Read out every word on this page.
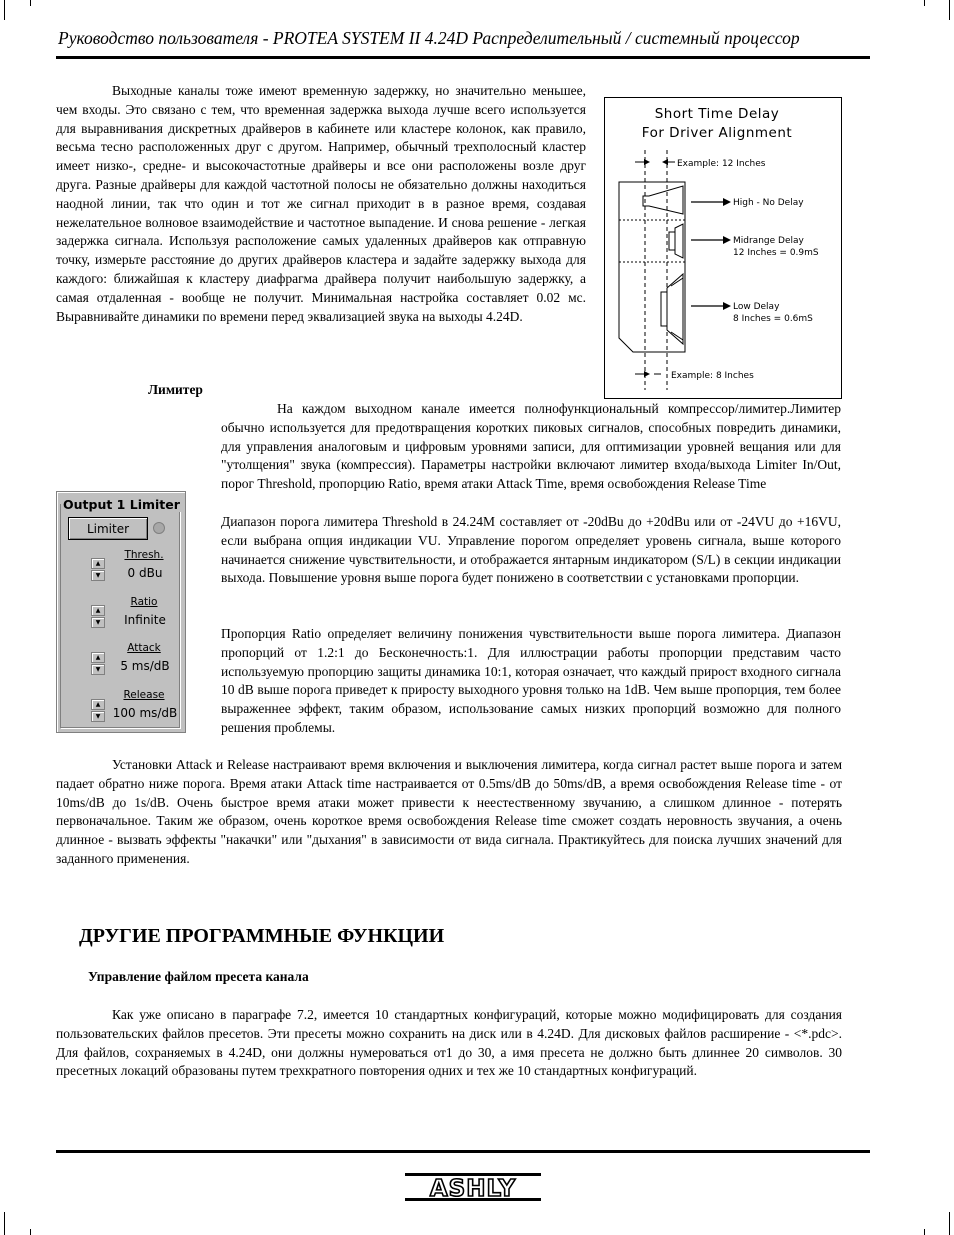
Руководство пользователя - PROTEA SYSTEM II 4.24D Распределительный / системный процессор

Выходные каналы тоже имеют временную задержку, но значительно меньшее, чем входы. Это связано с тем, что временная задержка выхода лучше всего используется для выравнивания дискретных драйверов в кабинете или кластере колонок, как правило, весьма тесно расположенных друг с другом. Например, обычный трехполосный кластер имеет низко-, средне- и высокочастотные драйверы и все они расположены возле друг друга. Разные драйверы для каждой частотной полосы не обязательно должны находиться наодной линии, так что один и тот же сигнал приходит в в разное время, создавая нежелательное волновое взаимодействие и частотное выпадение. И снова решение - легкая задержка сигнала. Используя расположение самых удаленных драйверов как отправную точку, измерьте расстояние до других драйверов кластера и задайте задержку выхода для каждого: ближайшая к кластеру диафрагма драйвера получит наибольшую задержку, а самая отдаленная - вообще не получит. Минимальная настройка составляет 0.02 мс. Выравнивайте динамики по времени перед эквализацией звука на выходы 4.24D.

Short Time Delay
For Driver Alignment
Example: 12 Inches
High - No Delay
Midrange Delay
12 Inches = 0.9mS
Low Delay
8 Inches = 0.6mS
Example: 8 Inches
Лимитер

На каждом выходном канале имеется полнофункциональный компрессор/лимитер.Лимитер обычно используется для предотвращения коротких пиковых сигналов, способных повредить динамики, для управления аналоговым и цифровым уровнями записи, для оптимизации уровней вещания или для "утолщения" звука (компрессия). Параметры настройки включают лимитер входа/выхода Limiter In/Out, порог Threshold, пропорцию Ratio, время атаки Attack Time, время освобождения Release Time

Диапазон порога лимитера Threshold в 24.24M составляет от -20dBu до +20dBu или от -24VU до +16VU, если выбрана опция индикации VU. Управление порогом определяет уровень сигнала, выше которого начинается снижение чувствительности, и отображается янтарным индикатором (S/L) в секции индикации выхода. Повышение уровня выше порога будет понижено в соответствии с установками пропорции.

Пропорция Ratio определяет величину понижения чувствительности выше порога лимитера. Диапазон пропорций от 1.2:1 до Бесконечность:1. Для иллюстрации работы пропорции представим часто используемую пропорцию защиты динамика 10:1, которая означает, что каждый прирост входного сигнала 10 dB выше порога приведет к приросту выходного уровня только на 1dB. Чем выше пропорция, тем более выраженнее эффект, таким образом, использование самых низких пропорций возможно для полного решения проблемы.

Output 1 Limiter
Limiter
▲
▼
Thresh.
0 dBu
▲
▼
Ratio
Infinite
▲
▼
Attack
5 ms/dB
▲
▼
Release
100 ms/dB

Установки Attack и Release настраивают время включения и выключения лимитера, когда сигнал растет выше порога и затем падает обратно ниже порога. Время атаки Attack time настраивается от 0.5ms/dB до 50ms/dB, а время освобождения Release time - от 10ms/dB до 1s/dB. Очень быстрое время атаки может привести к неестественному звучанию, а слишком длинное - потерять первоначальное. Таким же образом, очень короткое время освобождения Release time сможет создать неровность звучания, а очень длинное - вызвать эффекты "накачки" или "дыхания" в зависимости от вида сигнала. Практикуйтесь для поиска лучших значений для заданного применения.

ДРУГИЕ ПРОГРАММНЫЕ ФУНКЦИИ
Управление файлом пресета канала

Как уже описано в параграфе 7.2, имеется 10 стандартных конфигураций, которые можно модифицировать для создания пользовательских файлов пресетов. Эти пресеты можно сохранить на диск или в 4.24D. Для дисковых файлов расширение - <*.pdc>. Для файлов, сохраняемых в 4.24D, они должны нумероваться от1 до 30, а имя пресета не должно быть длиннее 20 символов. 30 пресетных локаций образованы путем трехкратного повторения одних и тех же 10 стандартных конфигураций.

ASHLY
